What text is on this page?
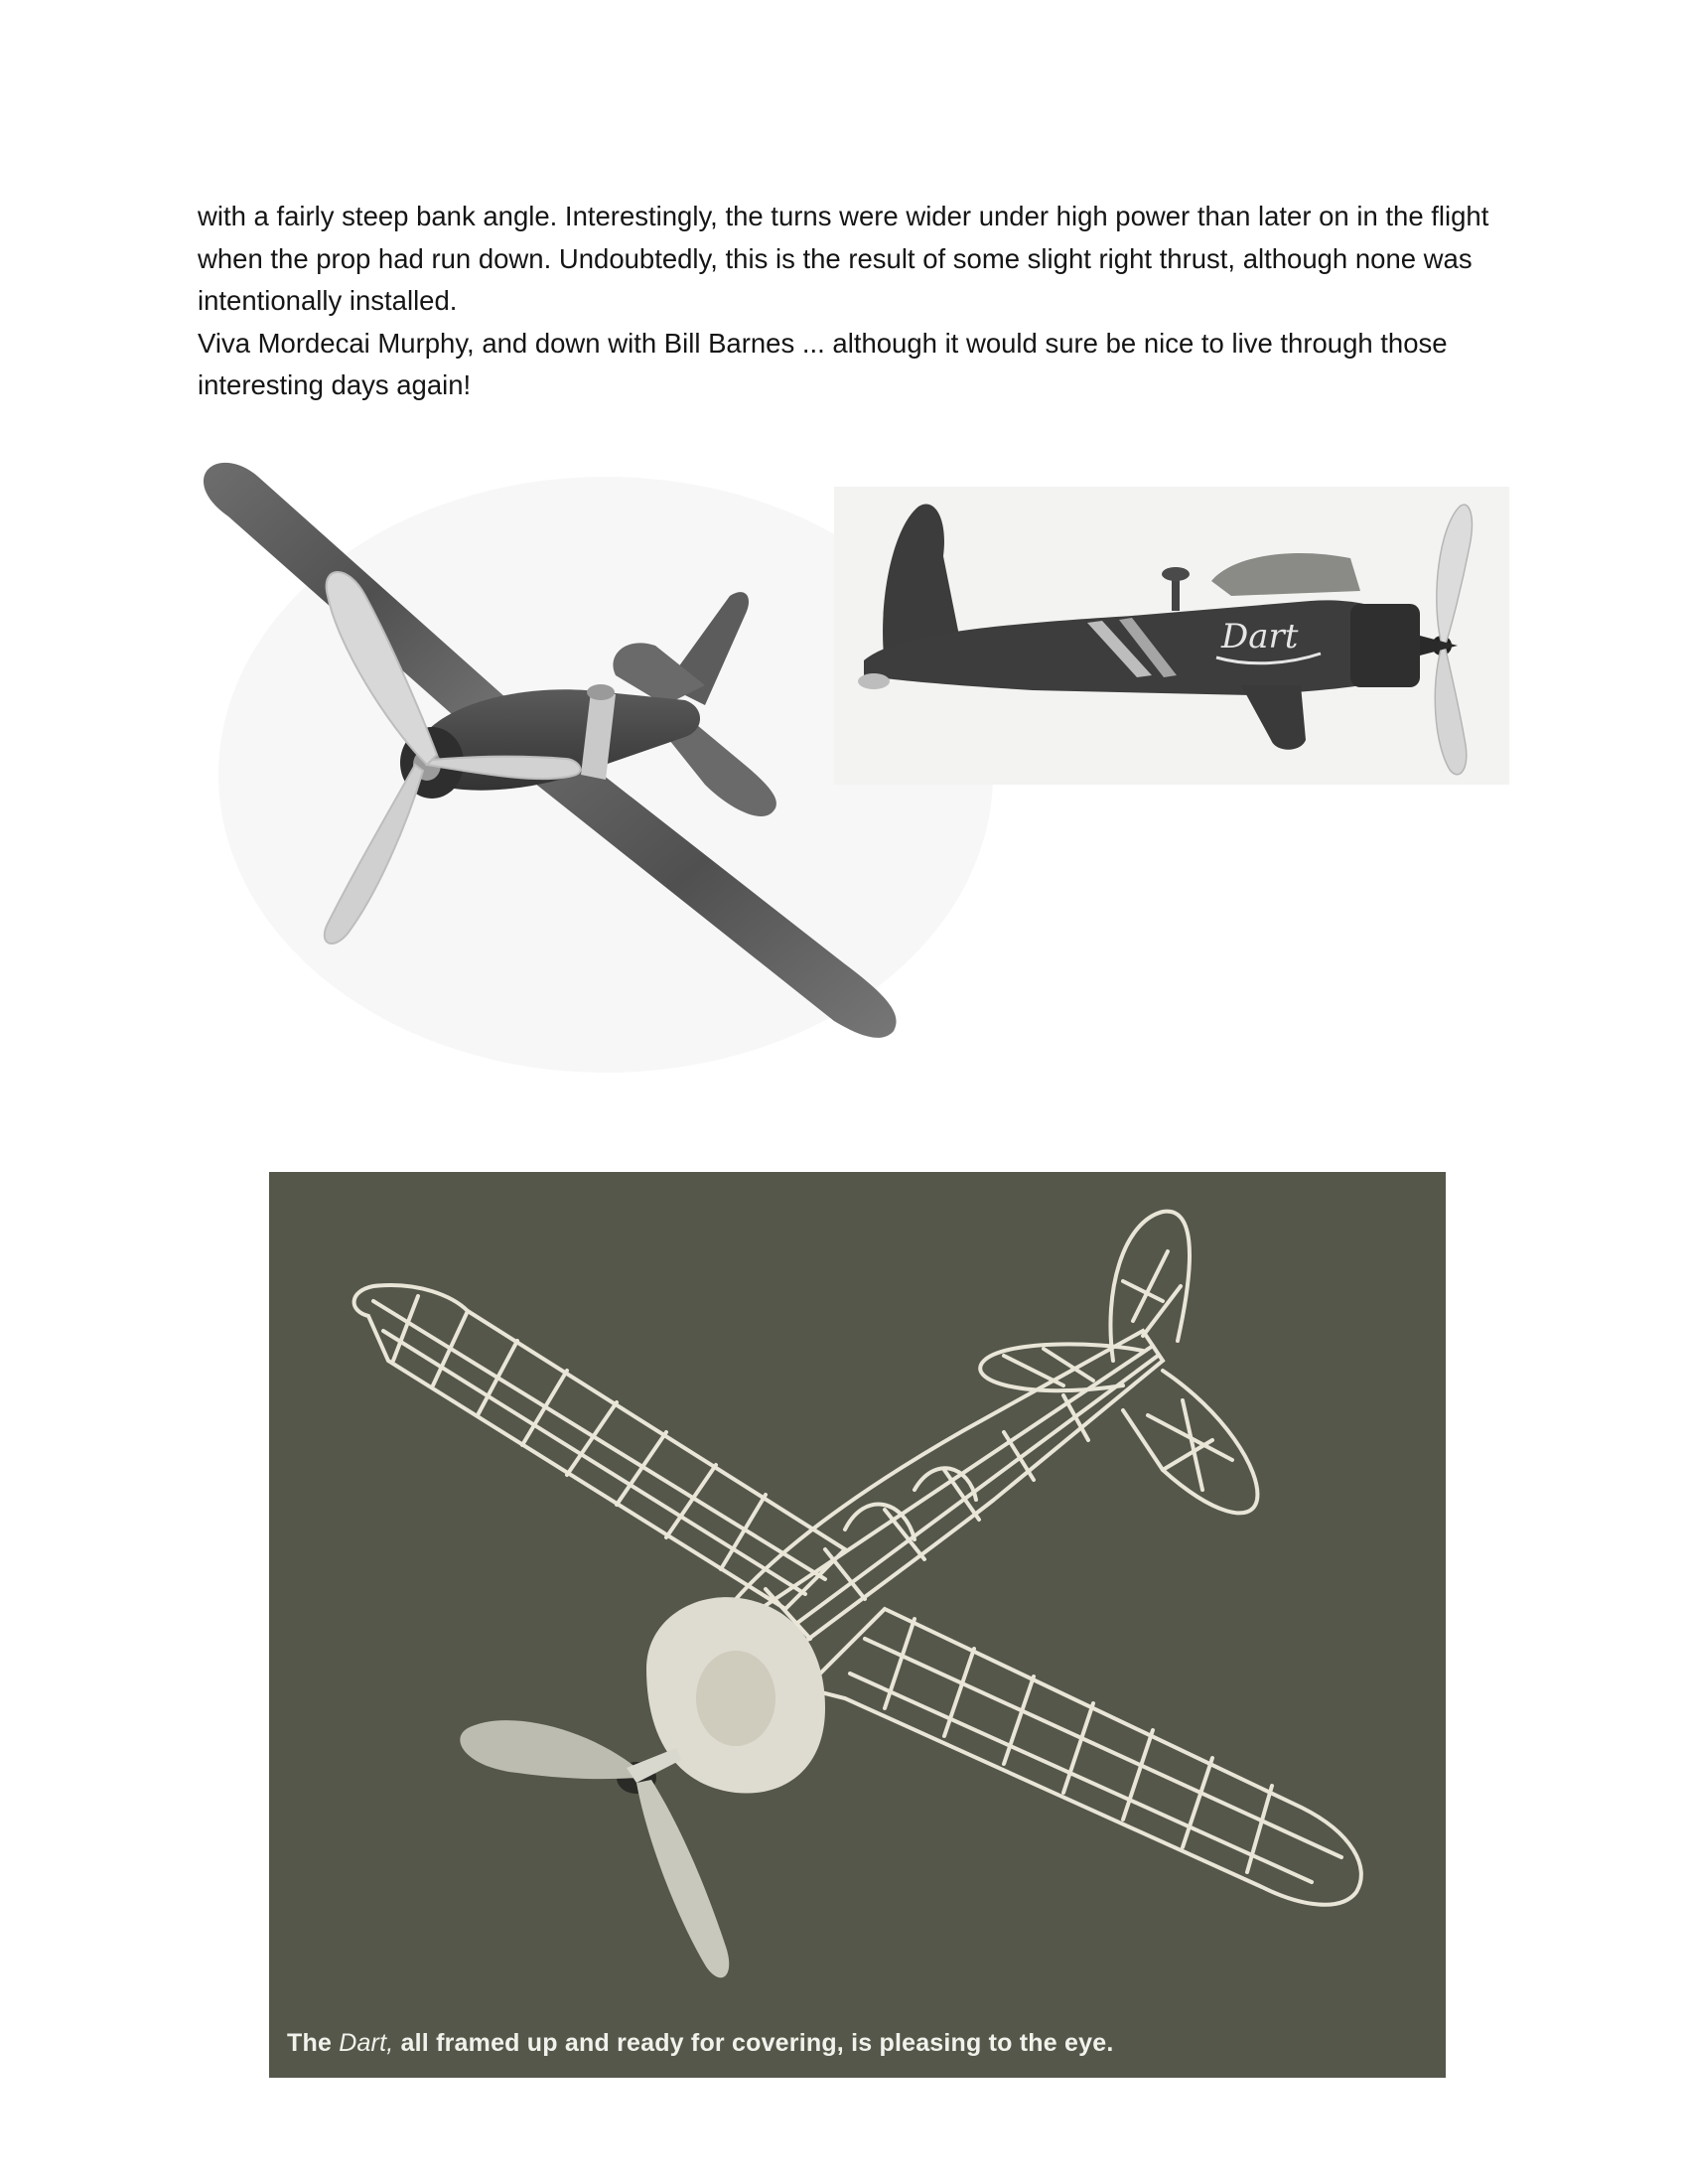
with a fairly steep bank angle. Interestingly, the turns were wider under high power than later on in the flight when the prop had run down. Undoubtedly, this is the result of some slight right thrust, although none was intentionally installed.

Viva Mordecai Murphy, and down with Bill Barnes ... although it would sure be nice to live through those interesting days again!

Dart
The Dart, all framed up and ready for covering, is pleasing to the eye.
